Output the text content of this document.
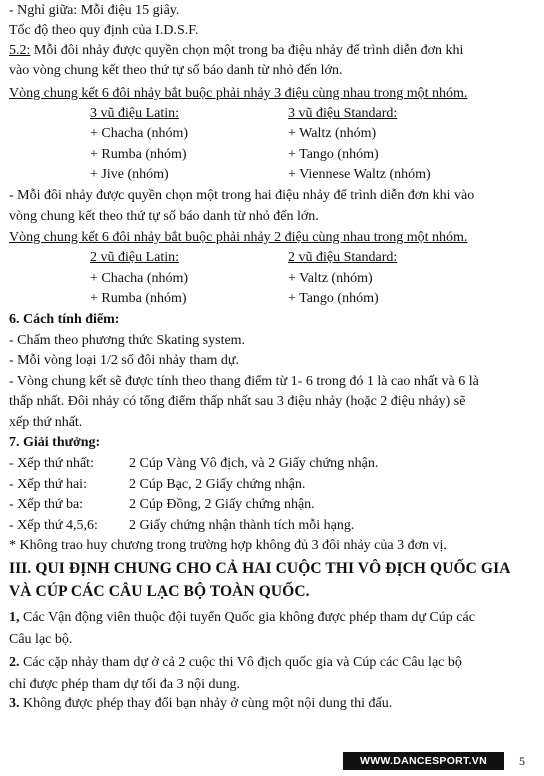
- Nghỉ giữa: Mỗi điệu 15 giây.
Tốc độ theo quy định của I.D.S.F.
5.2: Mỗi đôi nhảy được quyền chọn một trong ba điệu nhảy để trình diễn đơn khi
vào vòng chung kết theo thứ tự số báo danh từ nhỏ đến lớn.
Vòng chung kết 6 đôi nhảy bắt buộc phải nhảy 3 điệu cùng nhau trong một nhóm.
3 vũ điệu Latin:	3 vũ điệu Standard:
+ Chacha (nhóm)	+ Waltz (nhóm)
+ Rumba (nhóm)	+ Tango (nhóm)
+ Jive (nhóm)	+ Viennese Waltz (nhóm)
- Mỗi đôi nhảy được quyền chọn một trong hai điệu nhảy để trình diễn đơn khi vào
vòng chung kết theo thứ tự số báo danh từ nhỏ đến lớn.
Vòng chung kết 6 đôi nhảy bắt buộc phải nhảy 2 điệu cùng nhau trong một nhóm.
2 vũ điệu Latin:	2 vũ điệu Standard:
+ Chacha (nhóm)	+ Valtz (nhóm)
+ Rumba (nhóm)	+ Tango (nhóm)
6. Cách tính điểm:
- Chấm theo phương thức Skating system.
- Mỗi vòng loại 1/2 số đôi nhảy tham dự.
- Vòng chung kết sẽ được tính theo thang điểm từ 1- 6 trong đó 1 là cao nhất và 6 là
thấp nhất. Đôi nhảy có tổng điểm thấp nhất sau 3 điệu nhảy (hoặc 2 điệu nhảy) sẽ
xếp thứ nhất.
7. Giải thưởng:
- Xếp thứ nhất:	2 Cúp Vàng Vô địch, và 2 Giấy chứng nhận.
- Xếp thứ hai:	2 Cúp Bạc, 2 Giấy chứng nhận.
- Xếp thứ ba:	2 Cúp Đồng, 2 Giấy chứng nhận.
- Xếp thứ 4,5,6: 2 Giấy chứng nhận thành tích mỗi hạng.
* Không trao huy chương trong trường hợp không đủ 3 đôi nhảy của 3 đơn vị.
III. QUI ĐỊNH CHUNG CHO CẢ HAI CUỘC THI VÔ ĐỊCH QUỐC GIA
VÀ CÚP CÁC CÂU LẠC BỘ TOÀN QUỐC.
1, Các Vận động viên thuộc đội tuyển Quốc gia không được phép tham dự Cúp các
Câu lạc bộ.
2. Các cặp nhảy tham dự ở cả 2 cuộc thi Vô địch quốc gia và Cúp các Câu lạc bộ
chỉ được phép tham dự tối đa 3 nội dung.
3. Không được phép thay đổi bạn nhảy ở cùng một nội dung thi đấu.
WWW.DANCESPORT.VN	5
